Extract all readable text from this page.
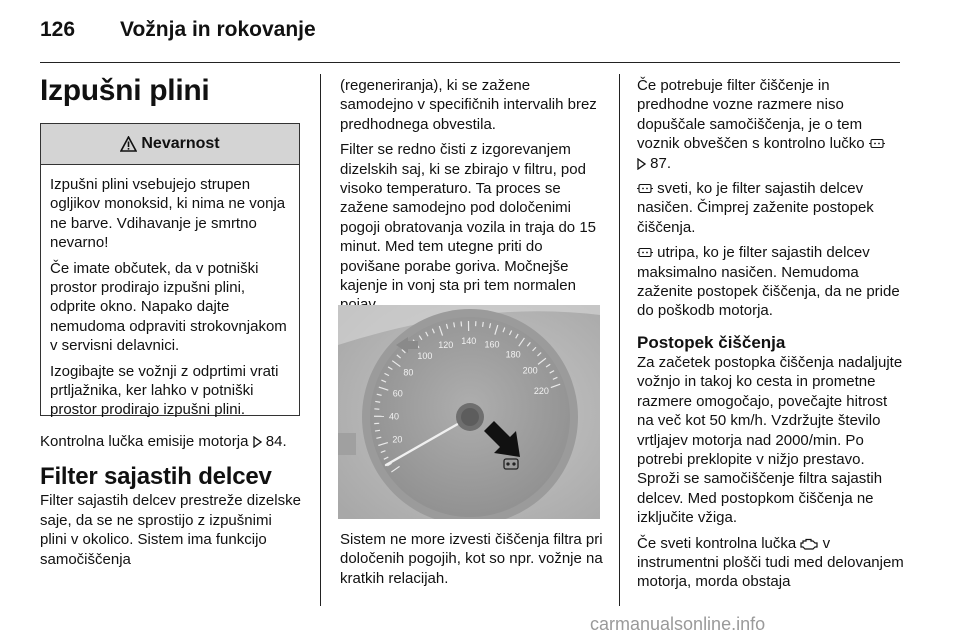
126 Vožnja in rokovanje
Izpušni plini
Nevarnost

Izpušni plini vsebujejo strupen ogljikov monoksid, ki nima ne vonja ne barve. Vdihavanje je smrtno nevarno!

Če imate občutek, da v potniški prostor prodirajo izpušni plini, odprite okno. Napako dajte nemudoma odpraviti strokovnjakom v servisni delavnici.

Izogibajte se vožnji z odprtimi vrati prtljažnika, ker lahko v potniški prostor prodirajo izpušni plini.

Kontrolna lučka emisije motorja 84.

Filter sajastih delcev

Filter sajastih delcev prestreže dizelske saje, da se ne sprostijo z izpušnimi plini v okolico. Sistem ima funkcijo samočiščenja

(regeneriranja), ki se zažene samodejno v specifičnih intervalih brez predhodnega obvestila.

Filter se redno čisti z izgorevanjem dizelskih saj, ki se zbirajo v filtru, pod visoko temperaturo. Ta proces se zažene samodejno pod določenimi pogoji obratovanja vozila in traja do 15 minut. Med tem utegne priti do povišane porabe goriva. Močnejše kajenje in vonj sta pri tem normalen

20
40
60
80
100
120 140 160
180
200
220

Sistem ne more izvesti čiščenja filtra pri določenih pogojih, kot so npr. vožnje na kratkih relacijah.

Če potrebuje filter čiščenje in predhodne vozne razmere niso dopuščale samočiščenja, je o tem voznik obveščen s kontrolno lučko
87.

sveti, ko je filter sajastih delcev nasičen. Čimprej zaženite postopek čiščenja.

utripa, ko je filter sajastih delcev maksimalno nasičen. Nemudoma zaženite postopek čiščenja, da ne pride do poškodb motorja.

Postopek čiščenja

Za začetek postopka čiščenja nadaljujte vožnjo in takoj ko cesta in prometne razmere omogočajo, povečajte hitrost na več kot 50 km/h. Vzdržujte število vrtljajev motorja nad 2000/min. Po potrebi preklopite v nižjo prestavo. Sproži se samočiščenje filtra sajastih delcev. Med postopkom čiščenja ne izključite vžiga.

Če sveti kontrolna lučka v instrumentni plošči tudi med delovanjem motorja, morda obstaja

carmanualsonline.info
